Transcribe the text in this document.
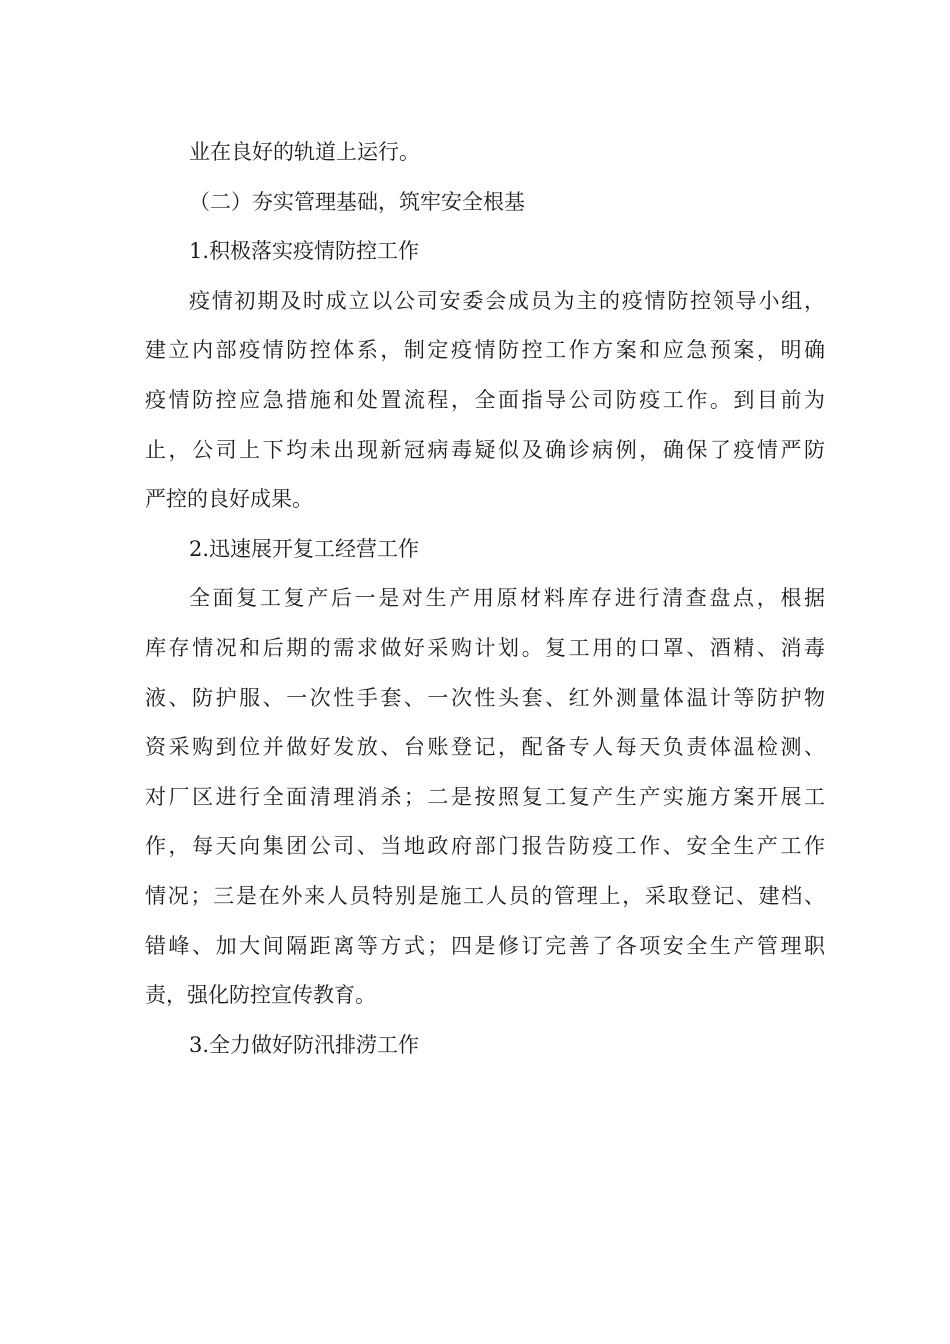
业在良好的轨道上运行。
（二）夯实管理基础，筑牢安全根基
1.积极落实疫情防控工作
疫情初期及时成立以公司安委会成员为主的疫情防控领导小组，
建立内部疫情防控体系，制定疫情防控工作方案和应急预案，明确
疫情防控应急措施和处置流程，全面指导公司防疫工作。到目前为
止，公司上下均未出现新冠病毒疑似及确诊病例，确保了疫情严防
严控的良好成果。
2.迅速展开复工经营工作
全面复工复产后一是对生产用原材料库存进行清查盘点，根据
库存情况和后期的需求做好采购计划。复工用的口罩、酒精、消毒
液、防护服、一次性手套、一次性头套、红外测量体温计等防护物
资采购到位并做好发放、台账登记，配备专人每天负责体温检测、
对厂区进行全面清理消杀；二是按照复工复产生产实施方案开展工
作，每天向集团公司、当地政府部门报告防疫工作、安全生产工作
情况；三是在外来人员特别是施工人员的管理上，采取登记、建档、
错峰、加大间隔距离等方式；四是修订完善了各项安全生产管理职
责，强化防控宣传教育。
3.全力做好防汛排涝工作
